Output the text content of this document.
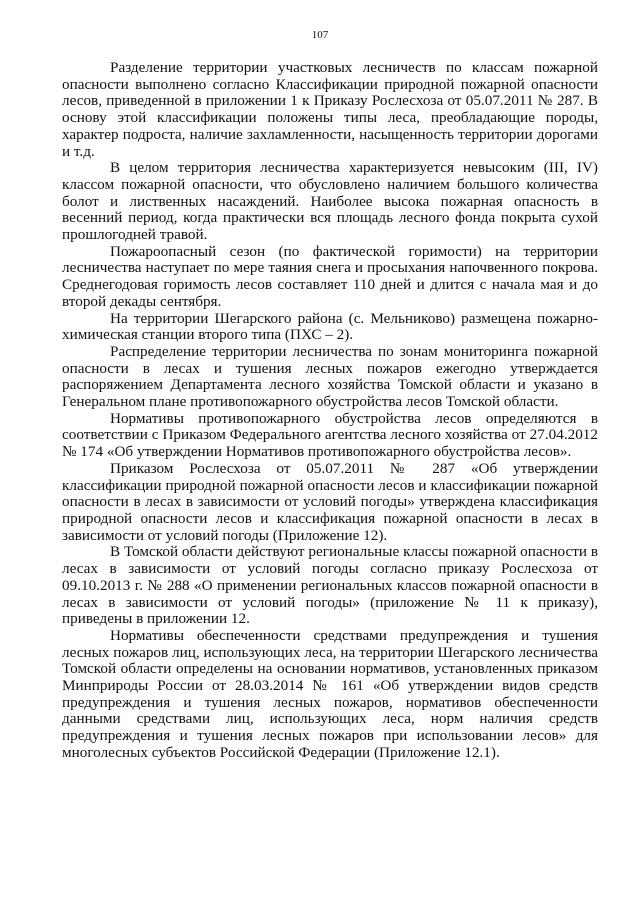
107

Разделение территории участковых лесничеств по классам пожарной опасности выполнено согласно Классификации природной пожарной опасности лесов, приведенной в приложении 1 к Приказу Рослесхоза от 05.07.2011 № 287. В основу этой классификации положены типы леса, преобладающие породы, характер подроста, наличие захламленности, насыщенность территории дорогами и т.д.

В целом территория лесничества характеризуется невысоким (III, IV) классом пожарной опасности, что обусловлено наличием большого количества болот и лиственных насаждений. Наиболее высока пожарная опасность в весенний период, когда практически вся площадь лесного фонда покрыта сухой прошлогодней травой.

Пожароопасный сезон (по фактической горимости) на территории лесничества наступает по мере таяния снега и просыхания напочвенного покрова. Среднегодовая горимость лесов составляет 110 дней и длится с начала мая и до второй декады сентября.

На территории Шегарского района (с. Мельниково) размещена пожарно-химическая станции второго типа (ПХС – 2).

Распределение территории лесничества по зонам мониторинга пожарной опасности в лесах и тушения лесных пожаров ежегодно утверждается распоряжением Департамента лесного хозяйства Томской области и указано в Генеральном плане противопожарного обустройства лесов Томской области.

Нормативы противопожарного обустройства лесов определяются в соответствии с Приказом Федерального агентства лесного хозяйства от 27.04.2012 № 174 «Об утверждении Нормативов противопожарного обустройства лесов».

Приказом Рослесхоза от 05.07.2011 № 287 «Об утверждении классификации природной пожарной опасности лесов и классификации пожарной опасности в лесах в зависимости от условий погоды» утверждена классификация природной опасности лесов и классификация пожарной опасности в лесах в зависимости от условий погоды (Приложение 12).

В Томской области действуют региональные классы пожарной опасности в лесах в зависимости от условий погоды согласно приказу Рослесхоза от 09.10.2013 г. № 288 «О применении региональных классов пожарной опасности в лесах в зависимости от условий погоды» (приложение № 11 к приказу), приведены в приложении 12.

Нормативы обеспеченности средствами предупреждения и тушения лесных пожаров лиц, использующих леса, на территории Шегарского лесничества Томской области определены на основании нормативов, установленных приказом Минприроды России от 28.03.2014 № 161 «Об утверждении видов средств предупреждения и тушения лесных пожаров, нормативов обеспеченности данными средствами лиц, использующих леса, норм наличия средств предупреждения и тушения лесных пожаров при использовании лесов» для многолесных субъектов Российской Федерации (Приложение 12.1).
